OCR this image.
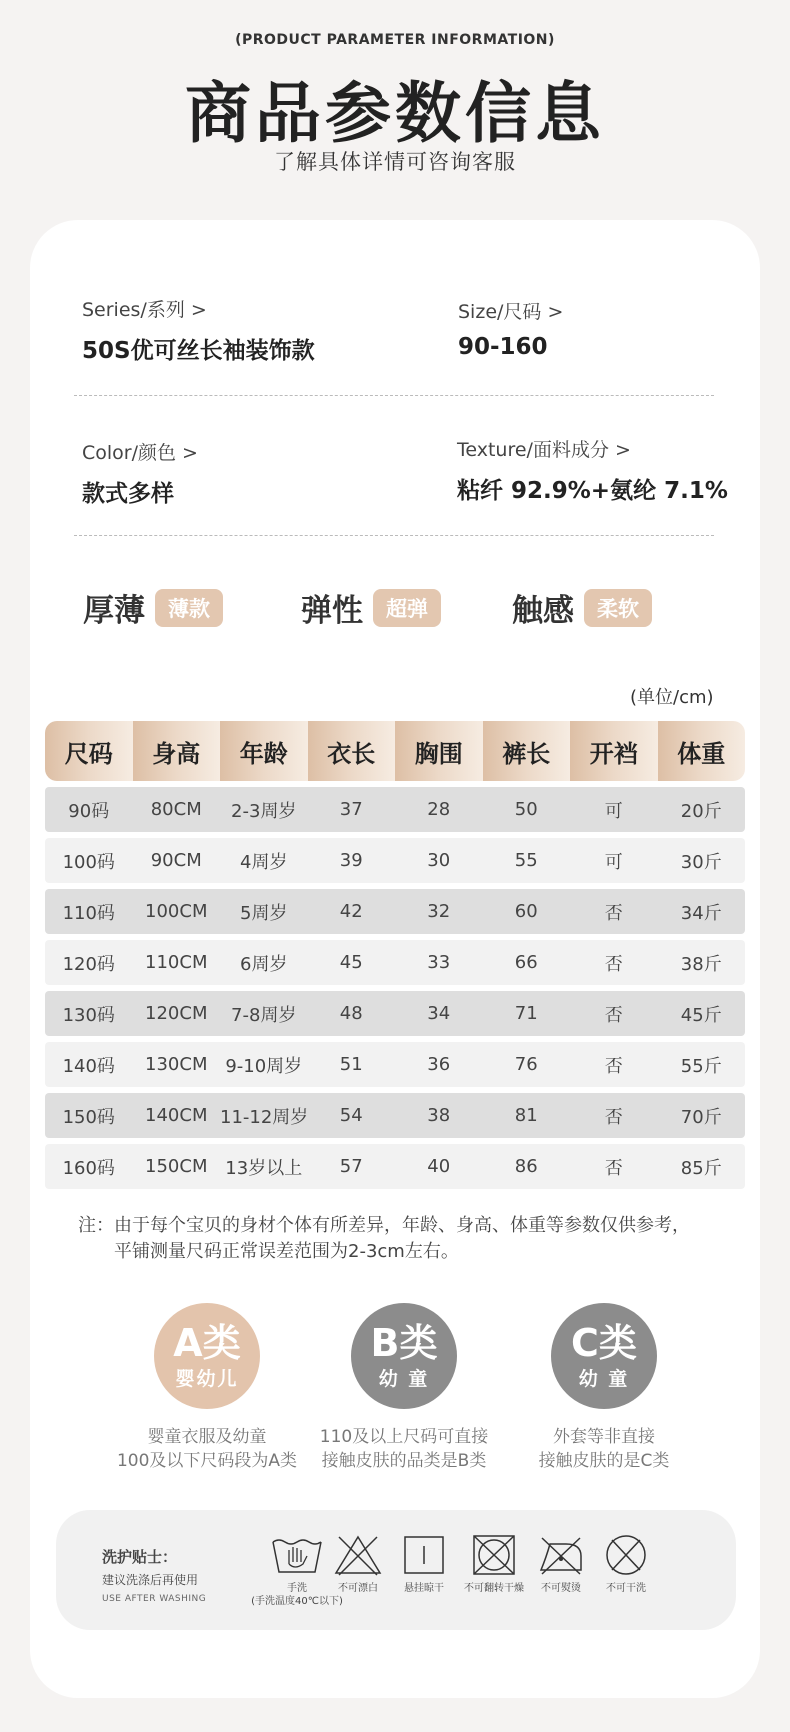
(PRODUCT PARAMETER INFORMATION)
商品参数信息
了解具体详情可咨询客服
Series/系列 >
50S优可丝长袖装饰款
Size/尺码 >
90-160
Color/颜色 >
款式多样
Texture/面料成分 >
粘纤 92.9%+氨纶 7.1%
厚薄	薄款	弹性	超弹	触感	柔软
(单位/cm)
尺码	身高	年龄	衣长	胸围	裤长	开裆	体重
90码	80CM	2-3周岁	37	28	50	可	20斤
100码	90CM	4周岁	39	30	55	可	30斤
110码	100CM	5周岁	42	32	60	否	34斤
120码	110CM	6周岁	45	33	66	否	38斤
130码	120CM	7-8周岁	48	34	71	否	45斤
140码	130CM	9-10周岁	51	36	76	否	55斤
150码	140CM	11-12周岁	54	38	81	否	70斤
160码	150CM	13岁以上	57	40	86	否	85斤
注：由于每个宝贝的身材个体有所差异，年龄、身高、体重等参数仅供参考，
平铺测量尺码正常误差范围为2-3cm左右。
A类
婴幼儿
婴童衣服及幼童
100及以下尺码段为A类
B类
幼 童
110及以上尺码可直接
接触皮肤的品类是B类
C类
幼 童
外套等非直接
接触皮肤的是C类
洗护贴士：
建议洗涤后再使用
USE AFTER WASHING
手洗
(手洗温度40℃以下)
不可漂白	悬挂晾干	不可翻转干燥	不可熨烫	不可干洗
